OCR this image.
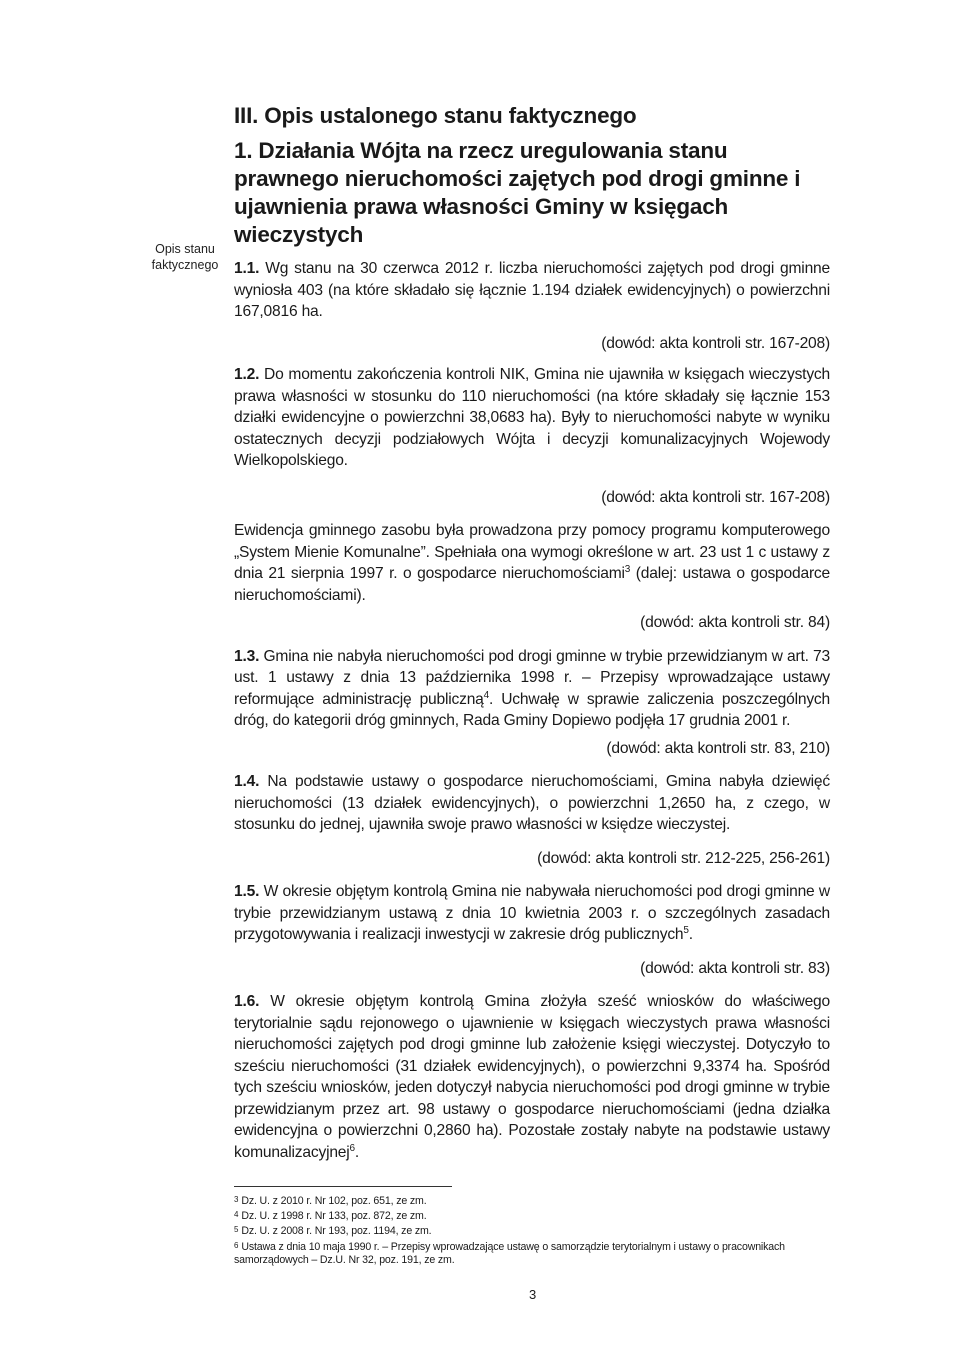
Opis stanu
faktycznego
III. Opis ustalonego stanu faktycznego
1. Działania Wójta na rzecz uregulowania stanu prawnego nieruchomości zajętych pod drogi gminne i ujawnienia prawa własności Gminy w księgach wieczystych

1.1. Wg stanu na 30 czerwca 2012 r. liczba nieruchomości zajętych pod drogi gminne wyniosła 403 (na które składało się łącznie 1.194 działek ewidencyjnych) o powierzchni 167,0816 ha.

(dowód: akta kontroli str. 167-208)

1.2. Do momentu zakończenia kontroli NIK, Gmina nie ujawniła w księgach wieczystych prawa własności w stosunku do 110 nieruchomości (na które składały się łącznie 153 działki ewidencyjne o powierzchni 38,0683 ha). Były to nieruchomości nabyte w wyniku ostatecznych decyzji podziałowych Wójta i decyzji komunalizacyjnych Wojewody Wielkopolskiego.

(dowód: akta kontroli str. 167-208)

Ewidencja gminnego zasobu była prowadzona przy pomocy programu komputerowego „System Mienie Komunalne”. Spełniała ona wymogi określone w art. 23 ust 1 c ustawy z dnia 21 sierpnia 1997 r. o gospodarce nieruchomościami$^3$ (dalej: ustawa o gospodarce nieruchomościami).

(dowód: akta kontroli str. 84)

1.3. Gmina nie nabyła nieruchomości pod drogi gminne w trybie przewidzianym w art. 73 ust. 1 ustawy z dnia 13 października 1998 r. – Przepisy wprowadzające ustawy reformujące administrację publiczną$^4$. Uchwałę w sprawie zaliczenia poszczególnych dróg, do kategorii dróg gminnych, Rada Gminy Dopiewo podjęła 17 grudnia 2001 r.

(dowód: akta kontroli str. 83, 210)

1.4. Na podstawie ustawy o gospodarce nieruchomościami, Gmina nabyła dziewięć nieruchomości (13 działek ewidencyjnych), o powierzchni 1,2650 ha, z czego, w stosunku do jednej, ujawniła swoje prawo własności w księdze wieczystej.

(dowód: akta kontroli str. 212-225, 256-261)

1.5. W okresie objętym kontrolą Gmina nie nabywała nieruchomości pod drogi gminne w trybie przewidzianym ustawą z dnia 10 kwietnia 2003 r. o szczególnych zasadach przygotowywania i realizacji inwestycji w zakresie dróg publicznych$^5$.

(dowód: akta kontroli str. 83)

1.6. W okresie objętym kontrolą Gmina złożyła sześć wniosków do właściwego terytorialnie sądu rejonowego o ujawnienie w księgach wieczystych prawa własności nieruchomości zajętych pod drogi gminne lub założenie księgi wieczystej. Dotyczyło to sześciu nieruchomości (31 działek ewidencyjnych), o powierzchni 9,3374 ha. Spośród tych sześciu wniosków, jeden dotyczył nabycia nieruchomości pod drogi gminne w trybie przewidzianym przez art. 98 ustawy o gospodarce nieruchomościami (jedna działka ewidencyjna o powierzchni 0,2860 ha). Pozostałe zostały nabyte na podstawie ustawy komunalizacyjnej$^6$.

3 Dz. U. z 2010 r. Nr 102, poz. 651, ze zm.

4 Dz. U. z 1998 r. Nr 133, poz. 872, ze zm.

5 Dz. U. z 2008 r. Nr 193, poz. 1194, ze zm.

6 Ustawa z dnia 10 maja 1990 r. – Przepisy wprowadzające ustawę o samorządzie terytorialnym i ustawy o pracownikach samorządowych – Dz.U. Nr 32, poz. 191, ze zm.

3
